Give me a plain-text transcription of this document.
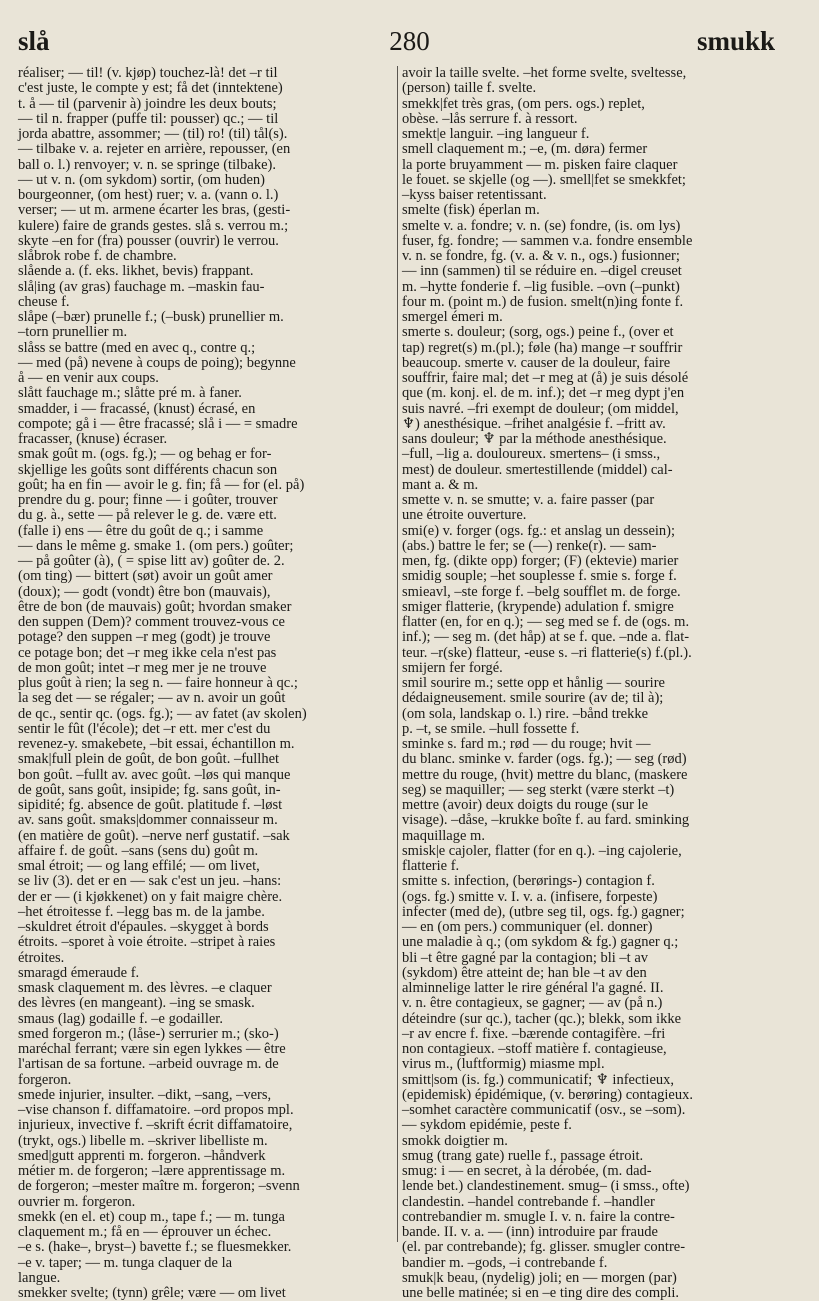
slå	280	smukk
réaliser; — til! (v. kjøp) touchez-là! det –r til
c'est juste, le compte y est; få det (inntektene)
t. å — til (parvenir à) joindre les deux bouts;
— til n. frapper (puffe til: pousser) qc.; — til
jorda abattre, assommer; — (til) ro! (til) tål(s).
— tilbake v. a. rejeter en arrière, repousser, (en
ball o. l.) renvoyer; v. n. se springe (tilbake).
— ut v. n. (om sykdom) sortir, (om huden)
bourgeonner, (om hest) ruer; v. a. (vann o. l.)
verser; — ut m. armene écarter les bras, (gesti-
kulere) faire de grands gestes. slå s. verrou m.;
skyte –en for (fra) pousser (ouvrir) le verrou.
slåbrok robe f. de chambre.
slående a. (f. eks. likhet, bevis) frappant.
slå|ing (av gras) fauchage m. –maskin fau-
cheuse f.
slåpe (–bær) prunelle f.; (–busk) prunellier m.
–torn prunellier m.
slåss se battre (med en avec q., contre q.;
— med (på) nevene à coups de poing); begynne
å — en venir aux coups.
slått fauchage m.; slåtte pré m. à faner.
smadder, i — fracassé, (knust) écrasé, en
compote; gå i — être fracassé; slå i — = smadre
fracasser, (knuse) écraser.
smak goût m. (ogs. fg.); — og behag er for-
skjellige les goûts sont différents chacun son
goût; ha en fin — avoir le g. fin; få — for (el. på)
prendre du g. pour; finne — i goûter, trouver
du g. à., sette — på relever le g. de. være ett.
(falle i) ens — être du goût de q.; i samme
— dans le même g. smake 1. (om pers.) goûter;
— på goûter (à), ( = spise litt av) goûter de. 2.
(om ting) — bittert (søt) avoir un goût amer
(doux); — godt (vondt) être bon (mauvais),
être de bon (de mauvais) goût; hvordan smaker
den suppen (Dem)? comment trouvez-vous ce
potage? den suppen –r meg (godt) je trouve
ce potage bon; det –r meg ikke cela n'est pas
de mon goût; intet –r meg mer je ne trouve
plus goût à rien; la seg n. — faire honneur à qc.;
la seg det — se régaler; — av n. avoir un goût
de qc., sentir qc. (ogs. fg.); — av fatet (av skolen)
sentir le fût (l'école); det –r ett. mer c'est du
revenez-y. smakebete, –bit essai, échantillon m.
smak|full plein de goût, de bon goût. –fullhet
bon goût. –fullt av. avec goût. –løs qui manque
de goût, sans goût, insipide; fg. sans goût, in-
sipidité; fg. absence de goût. platitude f. –løst
av. sans goût. smaks|dommer connaisseur m.
(en matière de goût). –nerve nerf gustatif. –sak
affaire f. de goût. –sans (sens du) goût m.
smal étroit; — og lang effilé; — om livet,
se liv (3). det er en — sak c'est un jeu. –hans:
der er — (i kjøkkenet) on y fait maigre chère.
–het étroitesse f. –legg bas m. de la jambe.
–skuldret étroit d'épaules. –skygget à bords
étroits. –sporet à voie étroite. –stripet à raies
étroites.
smaragd émeraude f.
smask claquement m. des lèvres. –e claquer
des lèvres (en mangeant). –ing se smask.
smaus (lag) godaille f. –e godailler.
smed forgeron m.; (låse-) serrurier m.; (sko-)
maréchal ferrant; være sin egen lykkes — être
l'artisan de sa fortune. –arbeid ouvrage m. de
forgeron.
smede injurier, insulter. –dikt, –sang, –vers,
–vise chanson f. diffamatoire. –ord propos mpl.
injurieux, invective f. –skrift écrit diffamatoire,
(trykt, ogs.) libelle m. –skriver libelliste m.
smed|gutt apprenti m. forgeron. –håndverk
métier m. de forgeron; –lære apprentissage m.
de forgeron; –mester maître m. forgeron; –svenn
ouvrier m. forgeron.
smekk (en el. et) coup m., tape f.; — m. tunga
claquement m.; få en — éprouver un échec.
–e s. (hake–, bryst–) bavette f.; se fluesmekker.
–e v. taper; — m. tunga claquer de la
langue.
smekker svelte; (tynn) grêle; være — om livet
avoir la taille svelte. –het forme svelte, sveltesse,
(person) taille f. svelte.
smekk|fet très gras, (om pers. ogs.) replet,
obèse. –lås serrure f. à ressort.
smekt|e languir. –ing langueur f.
smell claquement m.; –e, (m. døra) fermer
la porte bruyamment — m. pisken faire claquer
le fouet. se skjelle (og —). smell|fet se smekkfet;
–kyss baiser retentissant.
smelte (fisk) éperlan m.
smelte v. a. fondre; v. n. (se) fondre, (is. om lys)
fuser, fg. fondre; — sammen v.a. fondre ensemble
v. n. se fondre, fg. (v. a. & v. n., ogs.) fusionner;
— inn (sammen) til se réduire en. –digel creuset
m. –hytte fonderie f. –lig fusible. –ovn (–punkt)
four m. (point m.) de fusion. smelt(n)ing fonte f.
smergel émeri m.
smerte s. douleur; (sorg, ogs.) peine f., (over et
tap) regret(s) m.(pl.); føle (ha) mange –r souffrir
beaucoup. smerte v. causer de la douleur, faire
souffrir, faire mal; det –r meg at (å) je suis désolé
que (m. konj. el. de m. inf.); det –r meg dypt j'en
suis navré. –fri exempt de douleur; (om middel,
♆) anesthésique. –frihet analgésie f. –fritt av.
sans douleur; ♆ par la méthode anesthésique.
–full, –lig a. douloureux. smertens– (i smss.,
mest) de douleur. smertestillende (middel) cal-
mant a. & m.
smette v. n. se smutte; v. a. faire passer (par
une étroite ouverture.
smi(e) v. forger (ogs. fg.: et anslag un dessein);
(abs.) battre le fer; se (—) renke(r). — sam-
men, fg. (dikte opp) forger; (F) (ektevie) marier
smidig souple; –het souplesse f. smie s. forge f.
smieavl, –ste forge f. –belg soufflet m. de forge.
smiger flatterie, (krypende) adulation f. smigre
flatter (en, for en q.); — seg med se f. de (ogs. m.
inf.); — seg m. (det håp) at se f. que. –nde a. flat-
teur. –r(ske) flatteur, -euse s. –ri flatterie(s) f.(pl.).
smijern fer forgé.
smil sourire m.; sette opp et hånlig — sourire
dédaigneusement. smile sourire (av de; til à);
(om sola, landskap o. l.) rire. –bånd trekke
p. –t, se smile. –hull fossette f.
sminke s. fard m.; rød — du rouge; hvit —
du blanc. sminke v. farder (ogs. fg.); — seg (rød)
mettre du rouge, (hvit) mettre du blanc, (maskere
seg) se maquiller; — seg sterkt (være sterkt –t)
mettre (avoir) deux doigts du rouge (sur le
visage). –dåse, –krukke boîte f. au fard. sminking
maquillage m.
smisk|e cajoler, flatter (for en q.). –ing cajolerie,
flatterie f.
smitte s. infection, (berørings-) contagion f.
(ogs. fg.) smitte v. I. v. a. (infisere, forpeste)
infecter (med de), (utbre seg til, ogs. fg.) gagner;
— en (om pers.) communiquer (el. donner)
une maladie à q.; (om sykdom & fg.) gagner q.;
bli –t être gagné par la contagion; bli –t av
(sykdom) être atteint de; han ble –t av den
alminnelige latter le rire général l'a gagné. II.
v. n. être contagieux, se gagner; — av (på n.)
déteindre (sur qc.), tacher (qc.); blekk, som ikke
–r av encre f. fixe. –bærende contagifère. –fri
non contagieux. –stoff matière f. contagieuse,
virus m., (luftformig) miasme mpl.
smitt|som (is. fg.) communicatif; ♆ infectieux,
(epidemisk) épidémique, (v. berøring) contagieux.
–somhet caractère communicatif (osv., se –som).
— sykdom epidémie, peste f.
smokk doigtier m.
smug (trang gate) ruelle f., passage étroit.
smug: i — en secret, à la dérobée, (m. dad-
lende bet.) clandestinement. smug– (i smss., ofte)
clandestin. –handel contrebande f. –handler
contrebandier m. smugle I. v. n. faire la contre-
bande. II. v. a. — (inn) introduire par fraude
(el. par contrebande); fg. glisser. smugler contre-
bandier m. –gods, –i contrebande f.
smuk|k beau, (nydelig) joli; en — morgen (par)
une belle matinée; si en –e ting dire des compli.
